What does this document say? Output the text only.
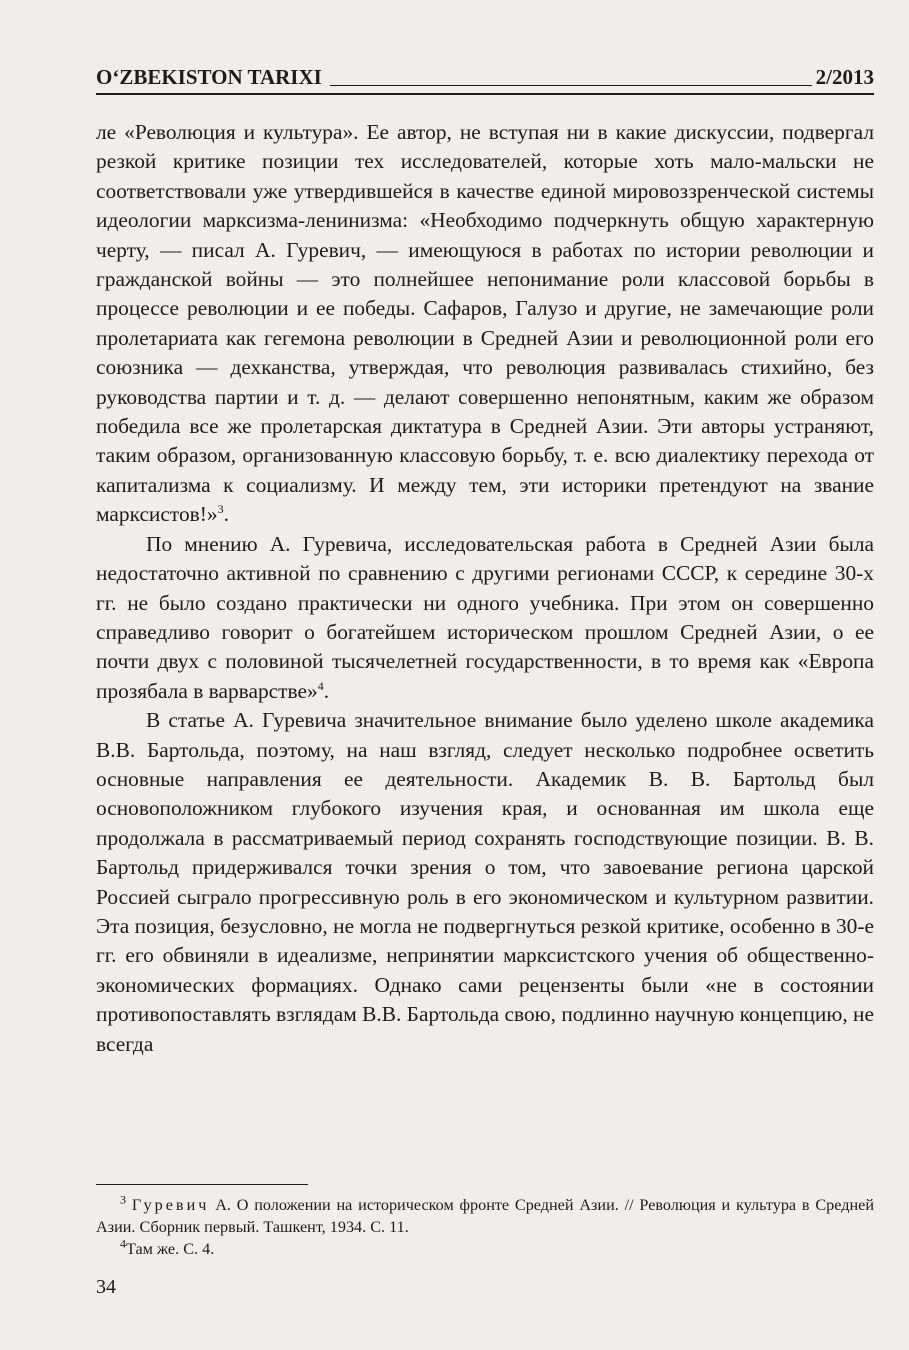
O‘ZBEKISTON TARIXI	2/2013

ле «Революция и культура». Ее автор, не вступая ни в какие дискуссии, подвергал резкой критике позиции тех исследователей, которые хоть мало-мальски не соответствовали уже утвердившейся в качестве единой мировоззренческой системы идеологии марксизма-ленинизма: «Необходимо подчеркнуть общую характерную черту, — писал А. Гуревич, — имеющуюся в работах по истории революции и гражданской войны — это полнейшее непонимание роли классовой борьбы в процессе революции и ее победы. Сафаров, Галузо и другие, не замечающие роли пролетариата как гегемона революции в Средней Азии и революционной роли его союзника — дехканства, утверждая, что революция развивалась стихийно, без руководства партии и т. д. — делают совершенно непонятным, каким же образом победила все же пролетарская диктатура в Средней Азии. Эти авторы устраняют, таким образом, организованную классовую борьбу, т. е. всю диалектику перехода от капитализма к социализму. И между тем, эти историки претендуют на звание марксистов!»$^3$.

По мнению А. Гуревича, исследовательская работа в Средней Азии была недостаточно активной по сравнению с другими регионами СССР, к середине 30-х гг. не было создано практически ни одного учебника. При этом он совершенно справедливо говорит о богатейшем историческом прошлом Средней Азии, о ее почти двух с половиной тысячелетней государственности, в то время как «Европа прозябала в варварстве»$^4$.

В статье А. Гуревича значительное внимание было уделено школе академика В.В. Бартольда, поэтому, на наш взгляд, следует несколько подробнее осветить основные направления ее деятельности. Академик В. В. Бартольд был основоположником глубокого изучения края, и основанная им школа еще продолжала в рассматриваемый период сохранять господствующие позиции. В. В. Бартольд придерживался точки зрения о том, что завоевание региона царской Россией сыграло прогрессивную роль в его экономическом и культурном развитии. Эта позиция, безусловно, не могла не подвергнуться резкой критике, особенно в 30-е гг. его обвиняли в идеализме, непринятии марксистского учения об общественно-экономических формациях. Однако сами рецензенты были «не в состоянии противопоставлять взглядам В.В. Бартольда свою, подлинно научную концепцию, не всегда

$^3$ Гуревич А. О положении на историческом фронте Средней Азии. // Революция и культура в Средней Азии. Сборник первый. Ташкент, 1934. С. 11.

$^4$Там же. С. 4.

34
